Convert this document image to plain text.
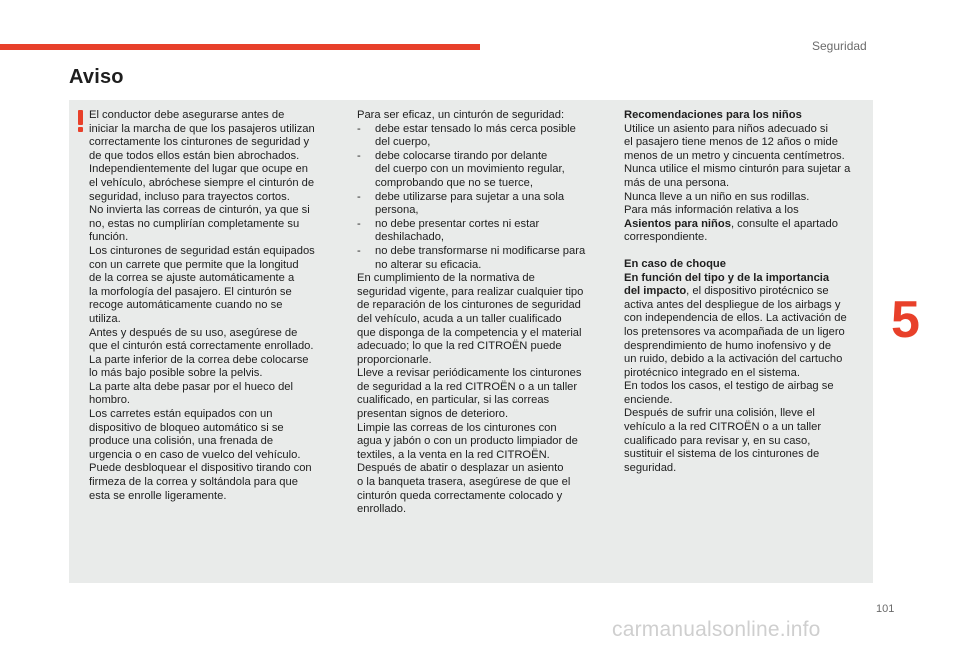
Seguridad
Aviso

El conductor debe asegurarse antes de

iniciar la marcha de que los pasajeros utilizan

correctamente los cinturones de seguridad y

de que todos ellos están bien abrochados.

Independientemente del lugar que ocupe en

el vehículo, abróchese siempre el cinturón de

seguridad, incluso para trayectos cortos.

No invierta las correas de cinturón, ya que si

no, estas no cumplirían completamente su

función.

Los cinturones de seguridad están equipados

con un carrete que permite que la longitud

de la correa se ajuste automáticamente a

la morfología del pasajero. El cinturón se

recoge automáticamente cuando no se

utiliza.

Antes y después de su uso, asegúrese de

que el cinturón está correctamente enrollado.

La parte inferior de la correa debe colocarse

lo más bajo posible sobre la pelvis.

La parte alta debe pasar por el hueco del

hombro.

Los carretes están equipados con un

dispositivo de bloqueo automático si se

produce una colisión, una frenada de

urgencia o en caso de vuelco del vehículo.

Puede desbloquear el dispositivo tirando con

firmeza de la correa y soltándola para que

esta se enrolle ligeramente.

Para ser eficaz, un cinturón de seguridad:

-	debe estar tensado lo más cerca posible

del cuerpo,

-	debe colocarse tirando por delante

del cuerpo con un movimiento regular,

comprobando que no se tuerce,

-	debe utilizarse para sujetar a una sola

persona,

-	no debe presentar cortes ni estar

deshilachado,

-	no debe transformarse ni modificarse para

no alterar su eficacia.

En cumplimiento de la normativa de

seguridad vigente, para realizar cualquier tipo

de reparación de los cinturones de seguridad

del vehículo, acuda a un taller cualificado

que disponga de la competencia y el material

adecuado; lo que la red CITROËN puede

proporcionarle.

Lleve a revisar periódicamente los cinturones

de seguridad a la red CITROËN o a un taller

cualificado, en particular, si las correas

presentan signos de deterioro.

Limpie las correas de los cinturones con

agua y jabón o con un producto limpiador de

textiles, a la venta en la red CITROËN.

Después de abatir o desplazar un asiento

o la banqueta trasera, asegúrese de que el

cinturón queda correctamente colocado y

enrollado.

Recomendaciones para los niños

Utilice un asiento para niños adecuado si

el pasajero tiene menos de 12 años o mide

menos de un metro y cincuenta centímetros.

Nunca utilice el mismo cinturón para sujetar a

más de una persona.

Nunca lleve a un niño en sus rodillas.

Para más información relativa a los

Asientos para niños, consulte el apartado

correspondiente.

En caso de choque

En función del tipo y de la importancia

del impacto, el dispositivo pirotécnico se

activa antes del despliegue de los airbags y

con independencia de ellos. La activación de

los pretensores va acompañada de un ligero

desprendimiento de humo inofensivo y de

un ruido, debido a la activación del cartucho

pirotécnico integrado en el sistema.

En todos los casos, el testigo de airbag se

enciende.

Después de sufrir una colisión, lleve el

vehículo a la red CITROËN o a un taller

cualificado para revisar y, en su caso,

sustituir el sistema de los cinturones de

seguridad.

5
101
carmanualsonline.info
